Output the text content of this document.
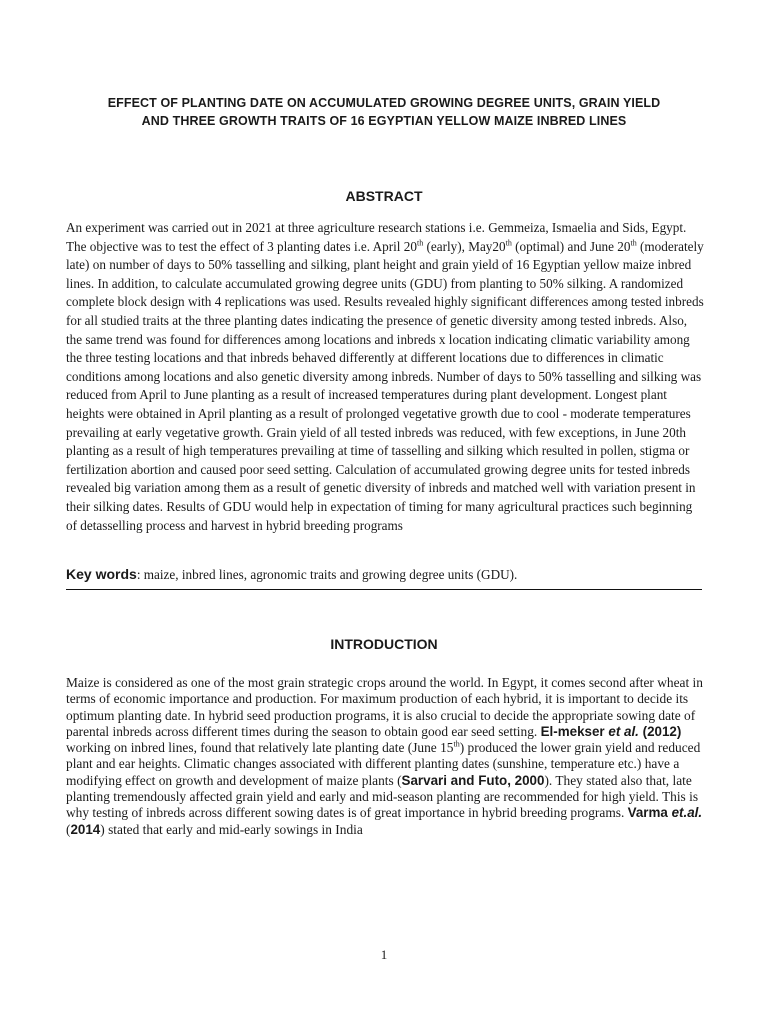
EFFECT OF PLANTING DATE ON ACCUMULATED GROWING DEGREE UNITS, GRAIN YIELD
AND THREE GROWTH TRAITS OF 16 EGYPTIAN YELLOW MAIZE INBRED LINES
ABSTRACT
An experiment was carried out in 2021 at three agriculture research stations i.e. Gemmeiza, Ismaelia and Sids, Egypt. The objective was to test the effect of 3 planting dates i.e. April 20th (early), May20th (optimal) and June 20th (moderately late) on number of days to 50% tasselling and silking, plant height and grain yield of 16 Egyptian yellow maize inbred lines. In addition, to calculate accumulated growing degree units (GDU) from planting to 50% silking. A randomized complete block design with 4 replications was used. Results revealed highly significant differences among tested inbreds for all studied traits at the three planting dates indicating the presence of genetic diversity among tested inbreds. Also, the same trend was found for differences among locations and inbreds x location indicating climatic variability among the three testing locations and that inbreds behaved differently at different locations due to differences in climatic conditions among locations and also genetic diversity among inbreds. Number of days to 50% tasselling and silking was reduced from April to June planting as a result of increased temperatures during plant development. Longest plant heights were obtained in April planting as a result of prolonged vegetative growth due to cool - moderate temperatures prevailing at early vegetative growth. Grain yield of all tested inbreds was reduced, with few exceptions, in June 20th planting as a result of high temperatures prevailing at time of tasselling and silking which resulted in pollen, stigma or fertilization abortion and caused poor seed setting. Calculation of accumulated growing degree units for tested inbreds revealed big variation among them as a result of genetic diversity of inbreds and matched well with variation present in their silking dates. Results of GDU would help in expectation of timing for many agricultural practices such beginning of detasselling process and harvest in hybrid breeding programs
Key words: maize, inbred lines, agronomic traits and growing degree units (GDU).
INTRODUCTION
Maize is considered as one of the most grain strategic crops around the world. In Egypt, it comes second after wheat in terms of economic importance and production. For maximum production of each hybrid, it is important to decide its optimum planting date. In hybrid seed production programs, it is also crucial to decide the appropriate sowing date of parental inbreds across different times during the season to obtain good ear seed setting. El-mekser et al. (2012) working on inbred lines, found that relatively late planting date (June 15th) produced the lower grain yield and reduced plant and ear heights. Climatic changes associated with different planting dates (sunshine, temperature etc.) have a modifying effect on growth and development of maize plants (Sarvari and Futo, 2000). They stated also that, late planting tremendously affected grain yield and early and mid-season planting are recommended for high yield. This is why testing of inbreds across different sowing dates is of great importance in hybrid breeding programs. Varma et.al. (2014) stated that early and mid-early sowings in India
1
